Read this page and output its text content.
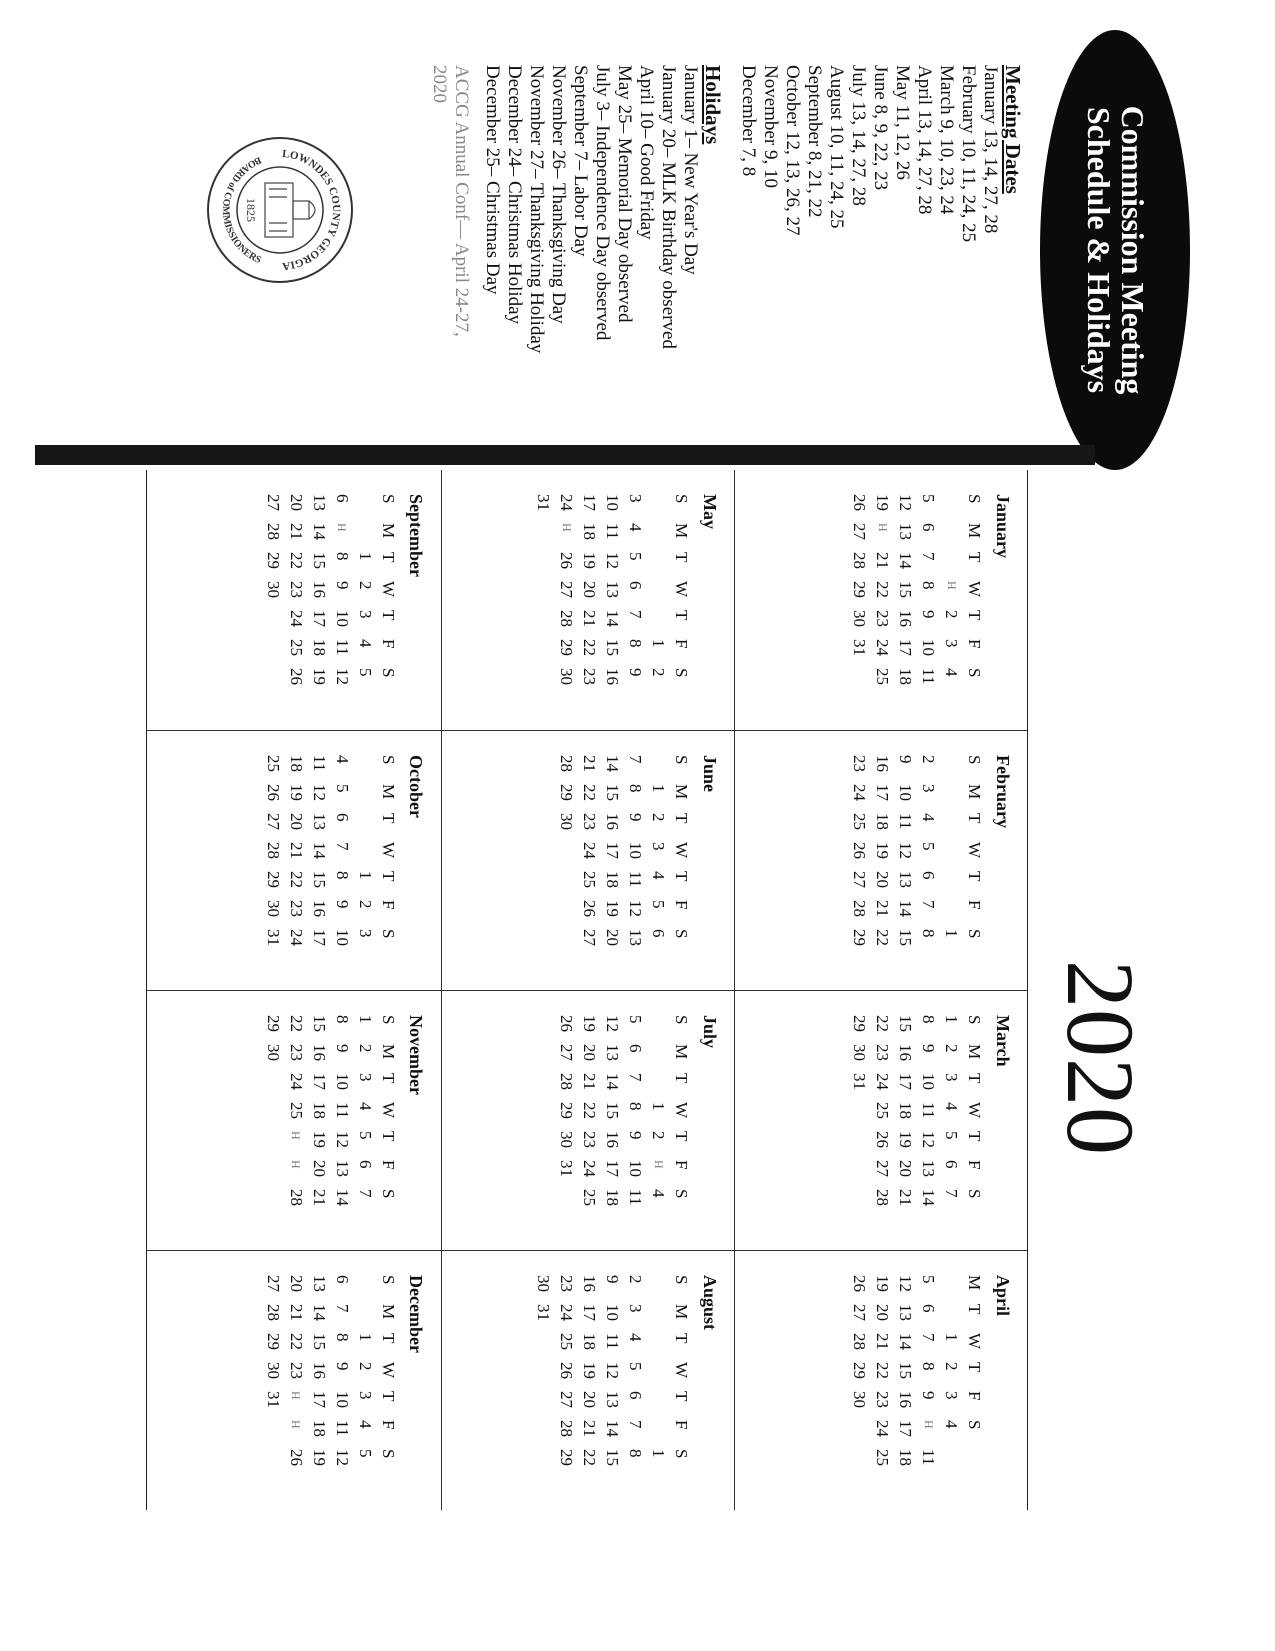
Commission Meeting
Schedule & Holidays
2020
Meeting Dates
January 13, 14, 27, 28
February 10, 11, 24, 25
March 9, 10, 23, 24
April 13, 14, 27, 28
May 11, 12, 26
June 8, 9, 22, 23
July 13, 14, 27, 28
August 10, 11, 24, 25
September 8, 21, 22
October 12, 13, 26, 27
November 9, 10
December 7, 8
Holidays
January 1– New Year's Day
January 20– MLK Birthday observed
April 10– Good Friday
May 25– Memorial Day observed
July 3– Independence Day observed
September 7– Labor Day
November 26– Thanksgiving Day
November 27– Thanksgiving Holiday
December 24– Christmas Holiday
December 25– Christmas Day
ACCG Annual Conf— April 24-27,
2020
LOWNDES COUNTY GEORGIA
BOARD of COMMISSIONERS
1825
January
S	M	T	W	T	F	S
			H	2	3	4
5	6	7	8	9	10	11
12	13	14	15	16	17	18
19	H	21	22	23	24	25
26	27	28	29	30	31	
February
S	M	T	W	T	F	S
						1
2	3	4	5	6	7	8
9	10	11	12	13	14	15
16	17	18	19	20	21	22
23	24	25	26	27	28	29
March
S	M	T	W	T	F	S
1	2	3	4	5	6	7
8	9	10	11	12	13	14
15	16	17	18	19	20	21
22	23	24	25	26	27	28
29	30	31				
April
M	T	W	T	F	S	
		1	2	3	4	
5	6	7	8	9	H	11
12	13	14	15	16	17	18
19	20	21	22	23	24	25
26	27	28	29	30		
May
S	M	T	W	T	F	S
					1	2
3	4	5	6	7	8	9
10	11	12	13	14	15	16
17	18	19	20	21	22	23
24	H	26	27	28	29	30
31						
June
S	M	T	W	T	F	S
	1	2	3	4	5	6
7	8	9	10	11	12	13
14	15	16	17	18	19	20
21	22	23	24	25	26	27
28	29	30				
July
S	M	T	W	T	F	S
			1	2	H	4
5	6	7	8	9	10	11
12	13	14	15	16	17	18
19	20	21	22	23	24	25
26	27	28	29	30	31	
August
S	M	T	W	T	F	S
						1
2	3	4	5	6	7	8
9	10	11	12	13	14	15
16	17	18	19	20	21	22
23	24	25	26	27	28	29
30	31					
September
S	M	T	W	T	F	S
		1	2	3	4	5
6	H	8	9	10	11	12
13	14	15	16	17	18	19
20	21	22	23	24	25	26
27	28	29	30			
October
S	M	T	W	T	F	S
				1	2	3
4	5	6	7	8	9	10
11	12	13	14	15	16	17
18	19	20	21	22	23	24
25	26	27	28	29	30	31
November
S	M	T	W	T	F	S
1	2	3	4	5	6	7
8	9	10	11	12	13	14
15	16	17	18	19	20	21
22	23	24	25	H	H	28
29	30					
December
S	M	T	W	T	F	S
		1	2	3	4	5
6	7	8	9	10	11	12
13	14	15	16	17	18	19
20	21	22	23	H	H	26
27	28	29	30	31		
